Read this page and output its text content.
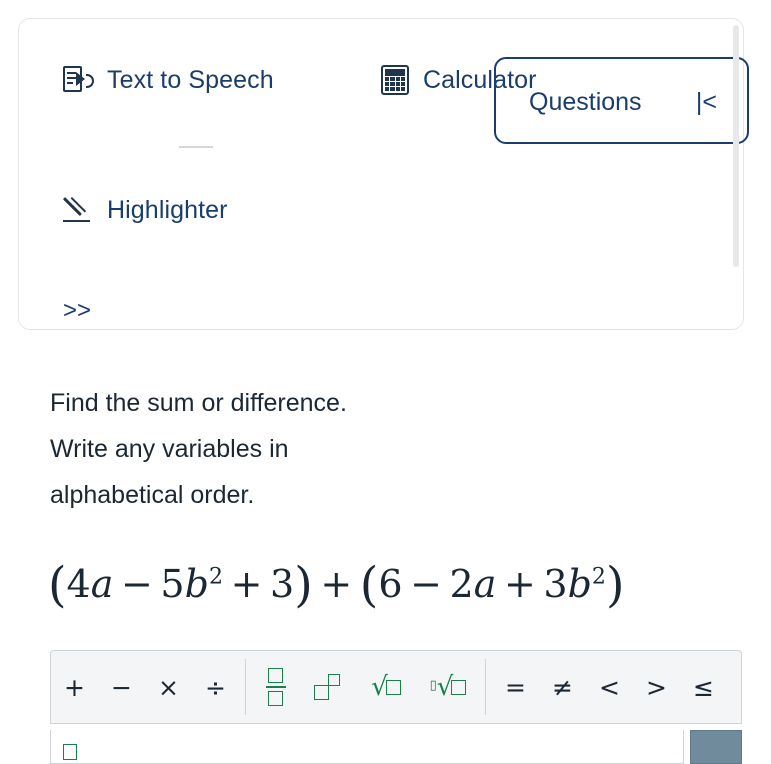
Text to Speech	Calculator
Highlighter
>>
Questions |<
Find the sum or difference.
Write any variables in
alphabetical order.
$(4a - 5b^2 + 3) + (6 - 2a + 3b^2)$
+	−	×	÷	√	▯√	=	≠	<	>	≤
